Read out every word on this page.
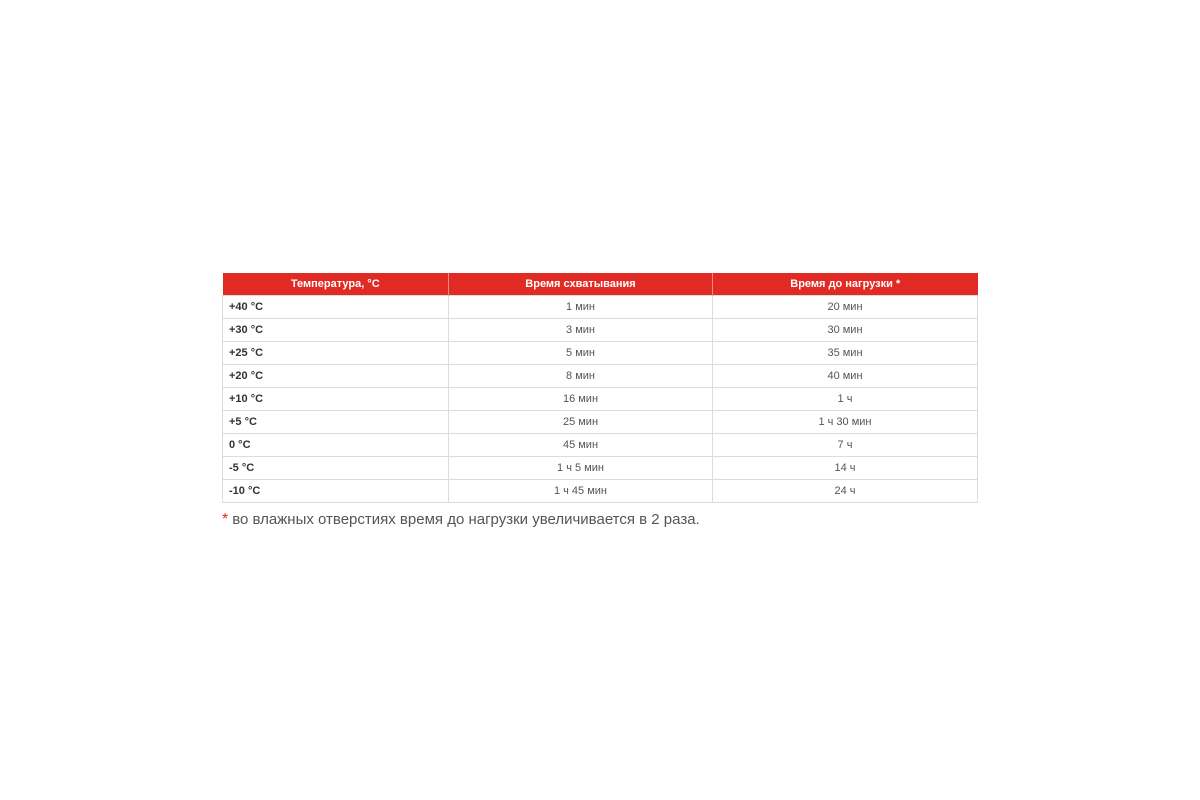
Температура, °С	Время схватывания	Время до нагрузки *
+40 °С	1 мин	20 мин
+30 °С	3 мин	30 мин
+25 °С	5 мин	35 мин
+20 °С	8 мин	40 мин
+10 °С	16 мин	1 ч
+5 °С	25 мин	1 ч 30 мин
0 °С	45 мин	7 ч
-5 °С	1 ч 5 мин	14 ч
-10 °С	1 ч 45 мин	24 ч
* во влажных отверстиях время до нагрузки увеличивается в 2 раза.
